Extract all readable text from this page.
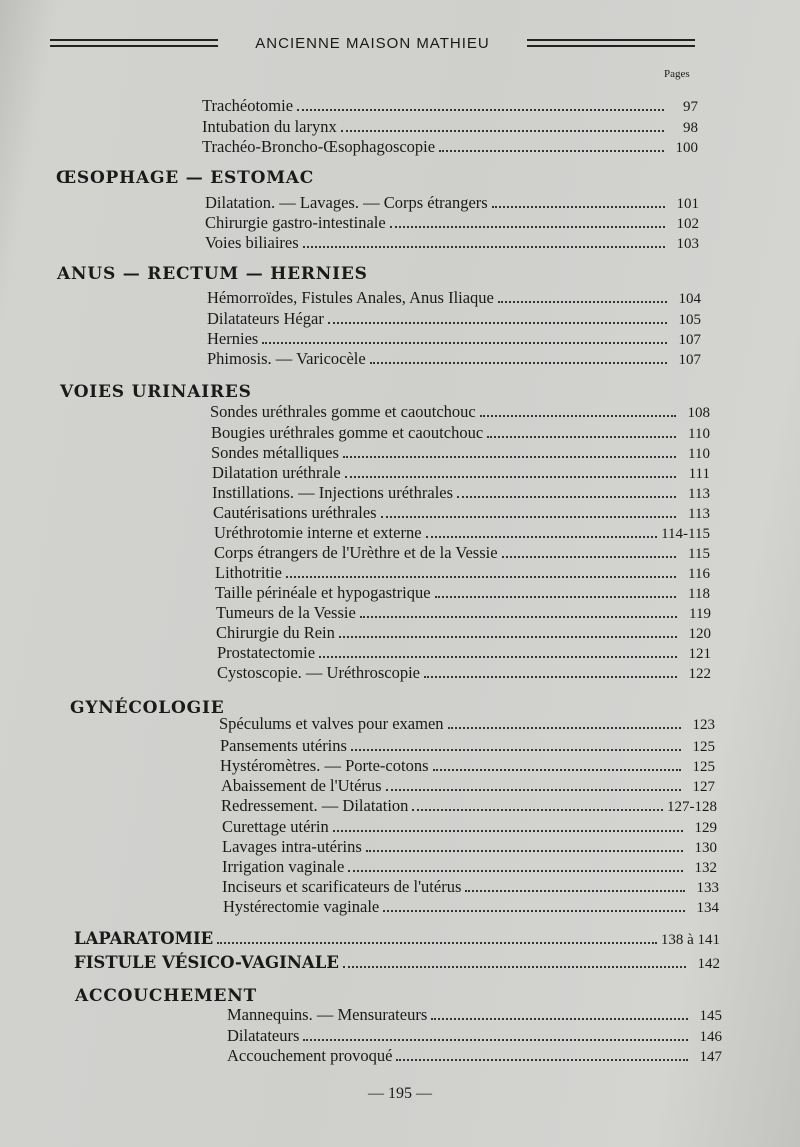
ANCIENNE MAISON MATHIEU
Pages
Trachéotomie	97
Intubation du larynx	98
Trachéo-Broncho-Œsophagoscopie	100
ŒSOPHAGE — ESTOMAC
Dilatation. — Lavages. — Corps étrangers	101
Chirurgie gastro-intestinale	102
Voies biliaires	103
ANUS — RECTUM — HERNIES
Hémorroïdes, Fistules Anales, Anus Iliaque	104
Dilatateurs Hégar	105
Hernies	107
Phimosis. — Varicocèle	107
VOIES URINAIRES
Sondes uréthrales gomme et caoutchouc	108
Bougies uréthrales gomme et caoutchouc	110
Sondes métalliques	110
Dilatation uréthrale	111
Instillations. — Injections uréthrales	113
Cautérisations uréthrales	113
Uréthrotomie interne et externe	114-115
Corps étrangers de l'Urèthre et de la Vessie	115
Lithotritie	116
Taille périnéale et hypogastrique	118
Tumeurs de la Vessie	119
Chirurgie du Rein	120
Prostatectomie	121
Cystoscopie. — Uréthroscopie	122
GYNÉCOLOGIE
Spéculums et valves pour examen	123
Pansements utérins	125
Hystéromètres. — Porte-cotons	125
Abaissement de l'Utérus	127
Redressement. — Dilatation	127-128
Curettage utérin	129
Lavages intra-utérins	130
Irrigation vaginale	132
Inciseurs et scarificateurs de l'utérus	133
Hystérectomie vaginale	134
LAPARATOMIE	138 à 141
FISTULE VÉSICO-VAGINALE	142
ACCOUCHEMENT
Mannequins. — Mensurateurs	145
Dilatateurs	146
Accouchement provoqué	147
— 195 —
